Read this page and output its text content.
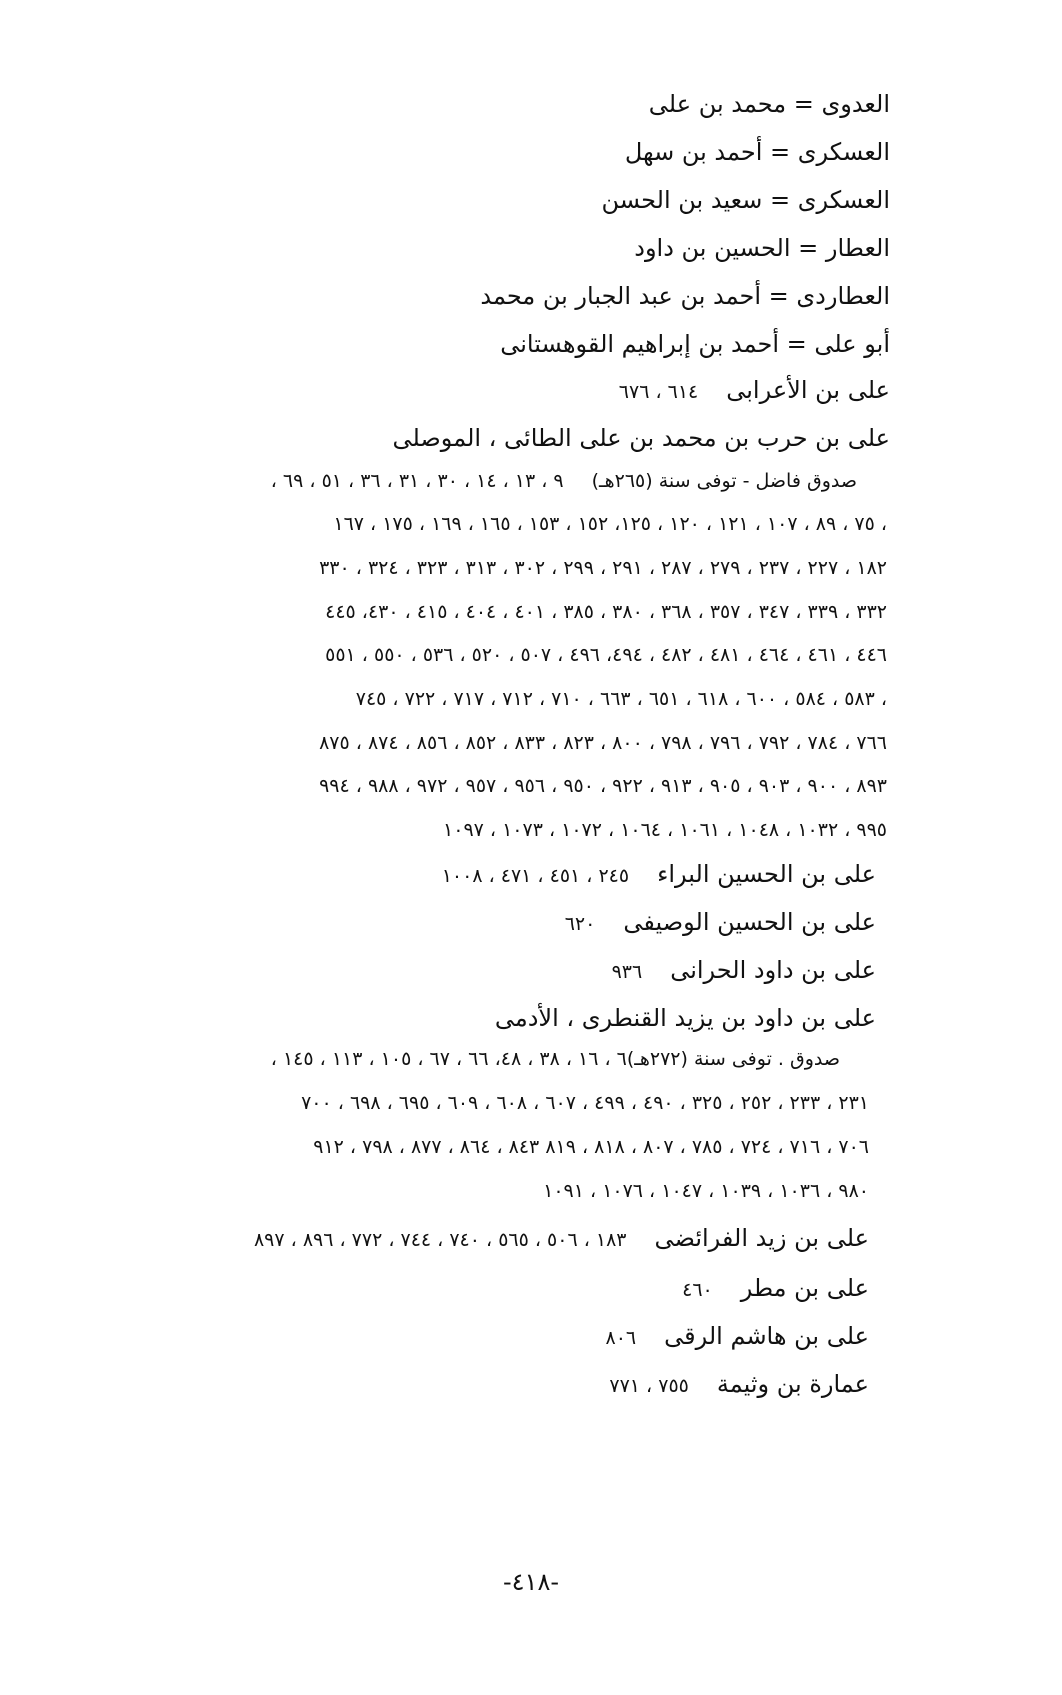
العدوى = محمد بن على
العسكرى = أحمد بن سهل
العسكرى = سعيد بن الحسن
العطار = الحسين بن داود
العطاردى = أحمد بن عبد الجبار بن محمد
أبو على = أحمد بن إبراهيم القوهستانى
على بن الأعرابى٦١٤ ، ٦٧٦
على بن حرب بن محمد بن على الطائى ، الموصلى
صدوق فاضل - توفى سنة (٢٦٥هـ)٩ ، ١٣ ، ١٤ ، ٣٠ ، ٣١ ، ٣٦ ، ٥١ ، ٦٩ ،
٧٥ ، ٨٩ ، ١٠٧ ، ١٢١ ، ١٢٠ ، ١٢٥، ١٥٢ ، ١٥٣ ، ١٦٥ ، ١٦٩ ، ١٧٥ ، ١٦٧ ،
١٨٢ ، ٢٢٧ ، ٢٣٧ ، ٢٧٩ ، ٢٨٧ ، ٢٩١ ، ٢٩٩ ، ٣٠٢ ، ٣١٣ ، ٣٢٣ ، ٣٢٤ ، ٣٣٠
٣٣٢ ، ٣٣٩ ، ٣٤٧ ، ٣٥٧ ، ٣٦٨ ، ٣٨٠ ، ٣٨٥ ، ٤٠١ ، ٤٠٤ ، ٤١٥ ، ٤٣٠، ٤٤٥
٤٤٦ ، ٤٦١ ، ٤٦٤ ، ٤٨١ ، ٤٨٢ ، ٤٩٤، ٤٩٦ ، ٥٠٧ ، ٥٢٠ ، ٥٣٦ ، ٥٥٠ ، ٥٥١
٥٨٣ ، ٥٨٤ ، ٦٠٠ ، ٦١٨ ، ٦٥١ ، ٦٦٣ ، ٧١٠ ، ٧١٢ ، ٧١٧ ، ٧٢٢ ، ٧٤٥ ،
٧٦٦ ، ٧٨٤ ، ٧٩٢ ، ٧٩٦ ، ٧٩٨ ، ٨٠٠ ، ٨٢٣ ، ٨٣٣ ، ٨٥٢ ، ٨٥٦ ، ٨٧٤ ، ٨٧٥
٨٩٣ ، ٩٠٠ ، ٩٠٣ ، ٩٠٥ ، ٩١٣ ، ٩٢٢ ، ٩٥٠ ، ٩٥٦ ، ٩٥٧ ، ٩٧٢ ، ٩٨٨ ، ٩٩٤
٩٩٥ ، ١٠٣٢ ، ١٠٤٨ ، ١٠٦١ ، ١٠٦٤ ، ١٠٧٢ ، ١٠٧٣ ، ١٠٩٧
على بن الحسين البراء٢٤٥ ، ٤٥١ ، ٤٧١ ، ١٠٠٨
على بن الحسين الوصيفى٦٢٠
على بن داود الحرانى٩٣٦
على بن داود بن يزيد القنطرى ، الأدمى
صدوق . توفى سنة (٢٧٢هـ)٦ ، ١٦ ، ٣٨ ، ٤٨، ٦٦ ، ٦٧ ، ١٠٥ ، ١١٣ ، ١٤٥ ،
٢٣١ ، ٢٣٣ ، ٢٥٢ ، ٣٢٥ ، ٤٩٠ ، ٤٩٩ ، ٦٠٧ ، ٦٠٨ ، ٦٠٩ ، ٦٩٥ ، ٦٩٨ ، ٧٠٠
٧٠٦ ، ٧١٦ ، ٧٢٤ ، ٧٨٥ ، ٨٠٧ ، ٨١٨ ، ٨١٩ ٨٤٣ ، ٨٦٤ ، ٨٧٧ ، ٧٩٨ ، ٩١٢
٩٨٠ ، ١٠٣٦ ، ١٠٣٩ ، ١٠٤٧ ، ١٠٧٦ ، ١٠٩١
على بن زيد الفرائضى١٨٣ ، ٥٠٦ ، ٥٦٥ ، ٧٤٠ ، ٧٤٤ ، ٧٧٢ ، ٨٩٦ ، ٨٩٧
على بن مطر٤٦٠
على بن هاشم الرقى٨٠٦
عمارة بن وثيمة٧٥٥ ، ٧٧١
-٤١٨-
